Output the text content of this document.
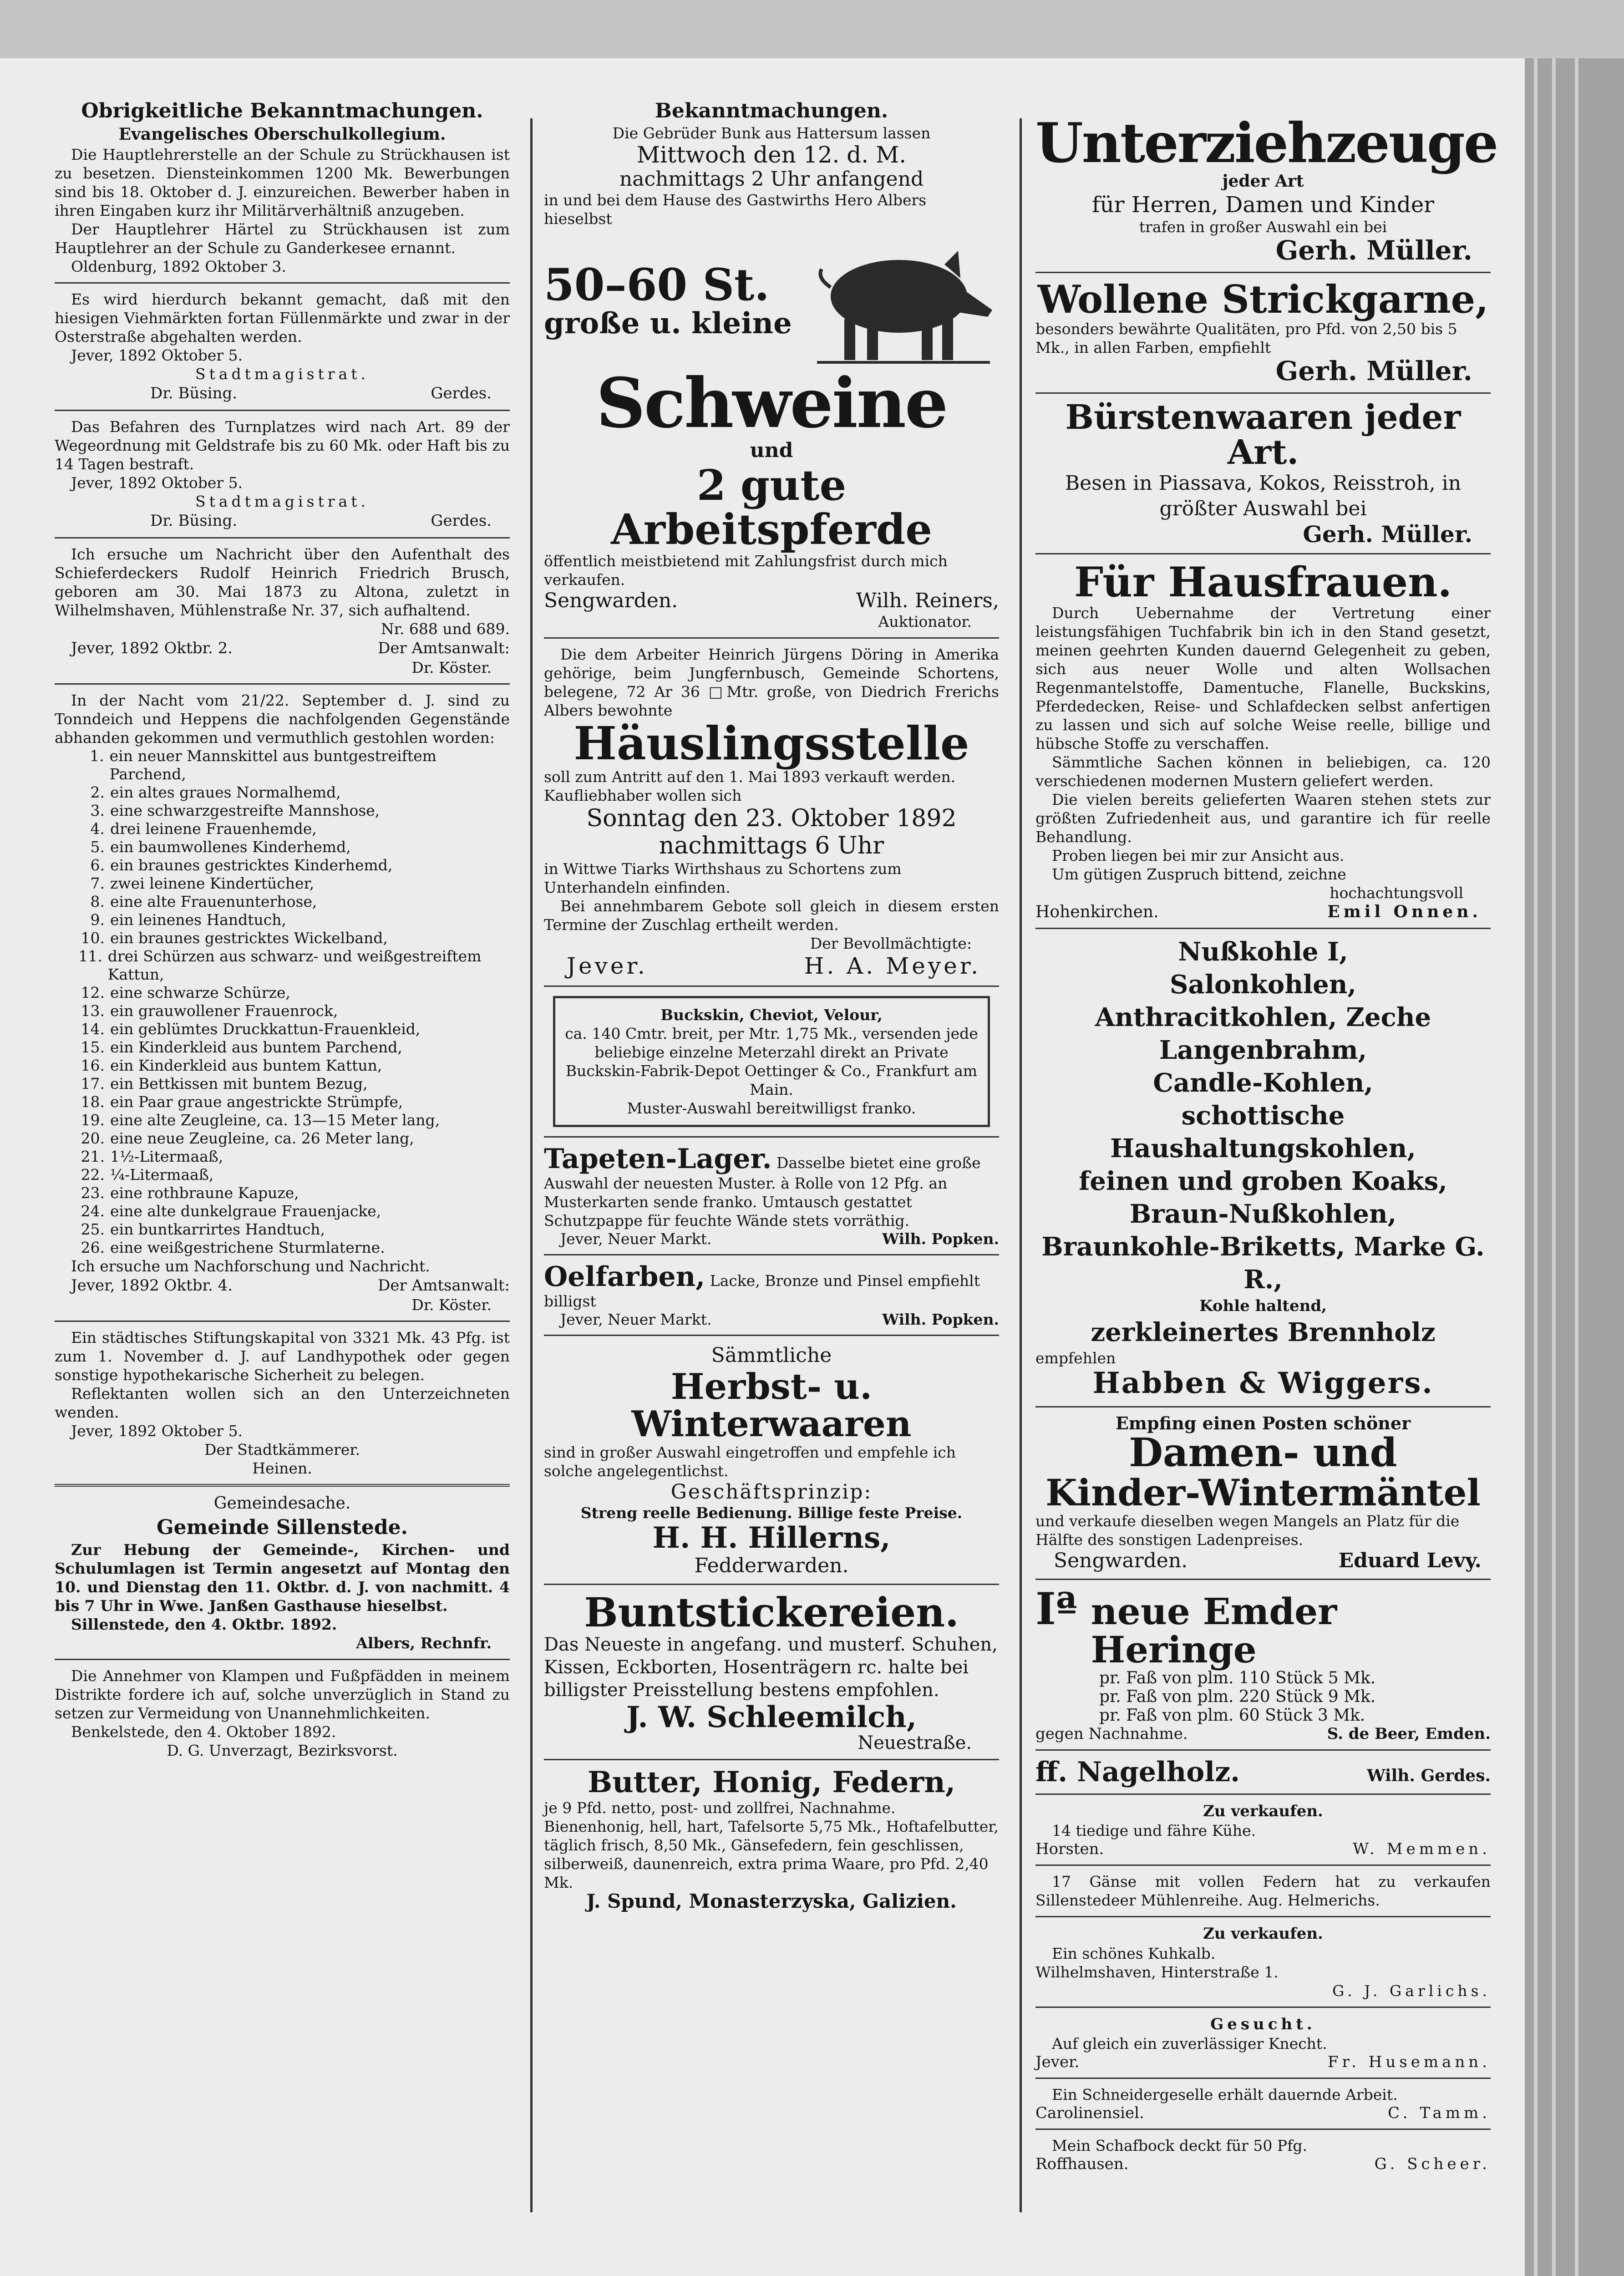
Obrigkeitliche Bekanntmachungen.
Evangelisches Oberschulkollegium.

Die Hauptlehrerstelle an der Schule zu Strückhausen ist zu besetzen. Diensteinkommen 1200 Mk. Bewerbungen sind bis 18. Oktober d. J. einzureichen. Bewerber haben in ihren Eingaben kurz ihr Militärverhältniß anzugeben.

Der Hauptlehrer Härtel zu Strückhausen ist zum Hauptlehrer an der Schule zu Ganderkesee ernannt.

Oldenburg, 1892 Oktober 3.

Es wird hierdurch bekannt gemacht, daß mit den hiesigen Viehmärkten fortan Füllenmärkte und zwar in der Osterstraße abgehalten werden.

Jever, 1892 Oktober 5.

Stadtmagistrat.

Dr. Büsing.	Gerdes.

Das Befahren des Turnplatzes wird nach Art. 89 der Wegeordnung mit Geldstrafe bis zu 60 Mk. oder Haft bis zu 14 Tagen bestraft.

Jever, 1892 Oktober 5.

Stadtmagistrat.

Dr. Büsing.	Gerdes.

Ich ersuche um Nachricht über den Aufenthalt des Schieferdeckers Rudolf Heinrich Friedrich Brusch, geboren am 30. Mai 1873 zu Altona, zuletzt in Wilhelmshaven, Mühlenstraße Nr. 37, sich aufhaltend.

Nr. 688 und 689.

Jever, 1892 Oktbr. 2.	Der Amtsanwalt:

Dr. Köster.

In der Nacht vom 21/22. September d. J. sind zu Tonndeich und Heppens die nachfolgenden Gegenstände abhanden gekommen und vermuthlich gestohlen worden:

1. ein neuer Mannskittel aus buntgestreiftem Parchend,
2. ein altes graues Normalhemd,
3. eine schwarzgestreifte Mannshose,
4. drei leinene Frauenhemde,
5. ein baumwollenes Kinderhemd,
6. ein braunes gestricktes Kinderhemd,
7. zwei leinene Kindertücher,
8. eine alte Frauenunterhose,
9. ein leinenes Handtuch,
10. ein braunes gestricktes Wickelband,
11. drei Schürzen aus schwarz- und weißgestreiftem Kattun,
12. eine schwarze Schürze,
13. ein grauwollener Frauenrock,
14. ein geblümtes Druckkattun-Frauenkleid,
15. ein Kinderkleid aus buntem Parchend,
16. ein Kinderkleid aus buntem Kattun,
17. ein Bettkissen mit buntem Bezug,
18. ein Paar graue angestrickte Strümpfe,
19. eine alte Zeugleine, ca. 13—15 Meter lang,
20. eine neue Zeugleine, ca. 26 Meter lang,
21. 1½-Litermaaß,
22. ¼-Litermaaß,
23. eine rothbraune Kapuze,
24. eine alte dunkelgraue Frauenjacke,
25. ein buntkarrirtes Handtuch,
26. eine weißgestrichene Sturmlaterne.

Ich ersuche um Nachforschung und Nachricht.

Jever, 1892 Oktbr. 4.	Der Amtsanwalt:

Dr. Köster.

Ein städtisches Stiftungskapital von 3321 Mk. 43 Pfg. ist zum 1. November d. J. auf Landhypothek oder gegen sonstige hypothekarische Sicherheit zu belegen.

Reflektanten wollen sich an den Unterzeichneten wenden.

Jever, 1892 Oktober 5.

Der Stadtkämmerer.

Heinen.

Gemeindesache.
Gemeinde Sillenstede.

Zur Hebung der Gemeinde-, Kirchen- und Schulumlagen ist Termin angesetzt auf Montag den 10. und Dienstag den 11. Oktbr. d. J. von nachmitt. 4 bis 7 Uhr in Wwe. Janßen Gasthause hieselbst.

Sillenstede, den 4. Oktbr. 1892.

Albers, Rechnfr.

Die Annehmer von Klampen und Fußpfädden in meinem Distrikte fordere ich auf, solche unverzüglich in Stand zu setzen zur Vermeidung von Unannehmlichkeiten.

Benkelstede, den 4. Oktober 1892.

D. G. Unverzagt, Bezirksvorst.

Bekanntmachungen.

Die Gebrüder Bunk aus Hattersum lassen

Mittwoch den 12. d. M.
nachmittags 2 Uhr anfangend

in und bei dem Hause des Gastwirths Hero Albers hieselbst

50–60 St.
große u. kleine
Schweine
und
2 gute Arbeitspferde

öffentlich meistbietend mit Zahlungsfrist durch mich verkaufen.

Sengwarden.	Wilh. Reiners,

Auktionator.

Die dem Arbeiter Heinrich Jürgens Döring in Amerika gehörige, beim Jungfernbusch, Gemeinde Schortens, belegene, 72 Ar 36 □Mtr. große, von Diedrich Frerichs Albers bewohnte

Häuslingsstelle

soll zum Antritt auf den 1. Mai 1893 verkauft werden. Kaufliebhaber wollen sich

Sonntag den 23. Oktober 1892
nachmittags 6 Uhr

in Wittwe Tiarks Wirthshaus zu Schortens zum Unterhandeln einfinden.

Bei annehmbarem Gebote soll gleich in diesem ersten Termine der Zuschlag ertheilt werden.

Der Bevollmächtigte:

Jever.	H. A. Meyer.

Buckskin, Cheviot, Velour,

ca. 140 Cmtr. breit, per Mtr. 1,75 Mk., versenden jede beliebige einzelne Meterzahl direkt an Private Buckskin-Fabrik-Depot Oettinger & Co., Frankfurt am Main.

Muster-Auswahl bereitwilligst franko.

Tapeten-Lager. Dasselbe bietet eine große Auswahl der neuesten Muster. à Rolle von 12 Pfg. an Musterkarten sende franko. Umtausch gestattet Schutzpappe für feuchte Wände stets vorräthig.

Jever, Neuer Markt.	Wilh. Popken.

Oelfarben, Lacke, Bronze und Pinsel empfiehlt billigst

Jever, Neuer Markt.	Wilh. Popken.
Sämmtliche
Herbst- u. Winterwaaren

sind in großer Auswahl eingetroffen und empfehle ich solche angelegentlichst.

Geschäftsprinzip:

Streng reelle Bedienung. Billige feste Preise.

H. H. Hillerns,
Fedderwarden.
Buntstickereien.

Das Neueste in angefang. und musterf. Schuhen, Kissen, Eckborten, Hosenträgern rc. halte bei billigster Preisstellung bestens empfohlen.

J. W. Schleemilch,

Neuestraße.

Butter, Honig, Federn,

je 9 Pfd. netto, post- und zollfrei, Nachnahme. Bienenhonig, hell, hart, Tafelsorte 5,75 Mk., Hoftafelbutter, täglich frisch, 8,50 Mk., Gänsefedern, fein geschlissen, silberweiß, daunenreich, extra prima Waare, pro Pfd. 2,40 Mk.

J. Spund, Monasterzyska, Galizien.

Unterziehzeuge
jeder Art
für Herren, Damen und Kinder

trafen in großer Auswahl ein bei

Gerh. Müller.
Wollene Strickgarne,

besonders bewährte Qualitäten, pro Pfd. von 2,50 bis 5 Mk., in allen Farben, empfiehlt

Gerh. Müller.
Bürstenwaaren jeder Art.

Besen in Piassava, Kokos, Reisstroh, in größter Auswahl bei

Gerh. Müller.
Für Hausfrauen.

Durch Uebernahme der Vertretung einer leistungsfähigen Tuchfabrik bin ich in den Stand gesetzt, meinen geehrten Kunden dauernd Gelegenheit zu geben, sich aus neuer Wolle und alten Wollsachen Regenmantelstoffe, Damentuche, Flanelle, Buckskins, Pferdedecken, Reise- und Schlafdecken selbst anfertigen zu lassen und sich auf solche Weise reelle, billige und hübsche Stoffe zu verschaffen.

Sämmtliche Sachen können in beliebigen, ca. 120 verschiedenen modernen Mustern geliefert werden.

Die vielen bereits gelieferten Waaren stehen stets zur größten Zufriedenheit aus, und garantire ich für reelle Behandlung.

Proben liegen bei mir zur Ansicht aus.

Um gütigen Zuspruch bittend, zeichne

hochachtungsvoll

Hohenkirchen.	Emil Onnen.
Nußkohle I,
Salonkohlen,
Anthracitkohlen, Zeche Langenbrahm,
Candle-Kohlen,
schottische Haushaltungskohlen,
feinen und groben Koaks,
Braun-Nußkohlen,
Braunkohle-Briketts, Marke G. R.,
Kohle haltend,
zerkleinertes Brennholz

empfehlen

Habben & Wiggers.

Empfing einen Posten schöner

Damen- und
Kinder-Wintermäntel

und verkaufe dieselben wegen Mangels an Platz für die Hälfte des sonstigen Ladenpreises.

Sengwarden.	Eduard Levy.
Iª neue Emder Heringe

pr. Faß von plm. 110 Stück 5 Mk.

pr. Faß von plm. 220 Stück 9 Mk.

pr. Faß von plm. 60 Stück 3 Mk.

gegen Nachnahme.	S. de Beer, Emden.
ff. Nagelholz.	Wilh. Gerdes.
Zu verkaufen.

14 tiedige und fähre Kühe.

Horsten.	W. Memmen.

17 Gänse mit vollen Federn hat zu verkaufen Sillenstedeer Mühlenreihe. Aug. Helmerichs.

Zu verkaufen.

Ein schönes Kuhkalb.

Wilhelmshaven, Hinterstraße 1.

G. J. Garlichs.

Gesucht.

Auf gleich ein zuverlässiger Knecht.

Jever.	Fr. Husemann.

Ein Schneidergeselle erhält dauernde Arbeit.

Carolinensiel.	C. Tamm.

Mein Schafbock deckt für 50 Pfg.

Roffhausen.	G. Scheer.
